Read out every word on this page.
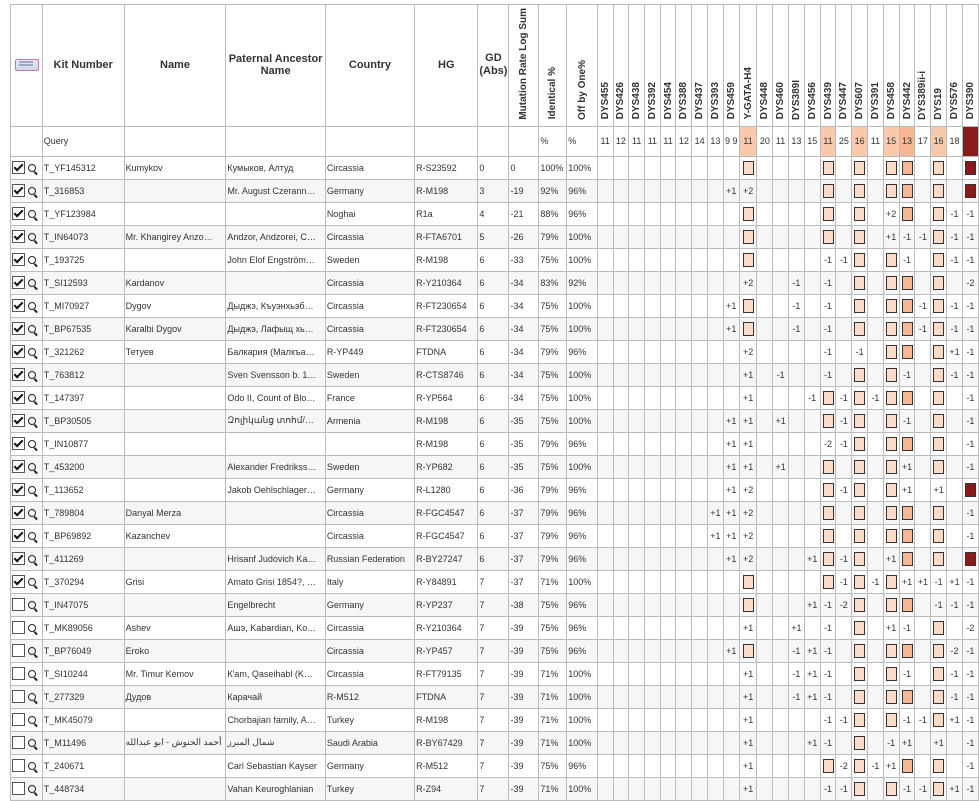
	Kit Number	Name	Paternal Ancestor Name	Country	HG	GD (Abs)	Mutation Rate Log Sum	Identical %	Off by One%	DYS455	DYS426	DYS438	DYS392	DYS454	DYS388	DYS437	DYS393	DYS459	Y-GATA-H4	DYS448	DYS460	DYS389I	DYS456	DYS439	DYS447	DYS607	DYS391	DYS458	DYS442	DYS389ii-i	DYS19	DYS576	DYS390
	Query							%	%	11	12	11	11	11	12	14	13	9 9	11	20	11	13	15	11	25	16	11	15	13	17	16	18	
	T_YF145312	Kumykov	Кумыков, Алтуд	Circassia	R-S23592	0	0	100%	100%																								
	T_316853		Mr. August Czerann…	Germany	R-M198	3	-19	92%	96%									+1	+2														
	T_YF123984			Noghai	R1a	4	-21	88%	96%																			+2				-1	-1
	T_IN64073	Mr. Khangirey Anzo…	Andzor, Andzorei, C…	Circassia	R-FTA6701	5	-26	79%	100%																			+1	-1	-1		-1	-1
	T_193725		John Elof Engström…	Sweden	R-M198	6	-33	75%	100%															-1	-1				-1			-1	-1
	T_SI12593	Kardanov		Circassia	R-Y210364	6	-34	83%	92%										+2			-1		-1									-2
	T_MI70927	Dygov	Дыджэ, Къуэнхьэб…	Circassia	R-FT230654	6	-34	75%	100%									+1				-1		-1						-1		-1	-1
	T_BP67535	Karalbi Dygov	Дыджэ, Лафыщ хь…	Circassia	R-FT230654	6	-34	75%	100%									+1				-1		-1						-1		-1	-1
	T_321262	Тетуев	Балкария (Малкъа…	R-YP449	FTDNA	6	-34	79%	96%										+2					-1		-1						+1	-1
	T_763812		Sven Svensson b. 1…	Sweden	R-CTS8746	6	-34	75%	100%										+1		-1			-1					-1			-1	-1
	T_147397		Odo II, Count of Blo…	France	R-YP564	6	-34	75%	100%										+1				-1		-1		-1						-1
	T_BP30505		Զոլիկանց տոհմ/…	Armenia	R-M198	6	-35	75%	100%									+1	+1		+1				-1				-1				-1
	T_IN10877				R-M198	6	-35	79%	96%									+1	+1					-2	-1								-1
	T_453200		Alexander Fredrikss…	Sweden	R-YP682	6	-35	75%	100%									+1	+1		+1								+1				-1
	T_113652		Jakob Oehlschlager…	Germany	R-L1280	6	-36	79%	96%									+1	+2						-1				+1		+1		
	T_789804	Danyal Merza		Circassia	R-FGC4547	6	-37	79%	96%								+1	+1	+2														-1
	T_BP69892	Kazanchev		Circassia	R-FGC4547	6	-37	79%	96%								+1	+1	+2														-1
	T_411269		Hrisanf Judovich Ka…	Russian Federation	R-BY27247	6	-37	79%	96%									+1	+2				+1		-1			+1					
	T_370294	Grisi	Amato Grisi 1854?, …	Italy	R-Y84891	7	-37	71%	100%																-1		-1		+1	+1	-1	+1	-1
	T_IN47075		Engelbrecht	Germany	R-YP237	7	-38	75%	96%														+1	-1	-2						-1	-1	-1
	T_MK89056	Ashev	Ашэ, Kabardian, Ko…	Circassia	R-Y210364	7	-39	75%	96%										+1			+1		-1				+1	-1				-2
	T_BP76049	Eroko		Circassia	R-YP457	7	-39	75%	96%									+1				-1	+1	-1								-2	-1
	T_SI10244	Mr. Timur Kemov	К'am, Qaseihabl (K…	Circassia	R-FT79135	7	-39	71%	100%										+1			-1	+1	-1					-1			-1	-1
	T_277329	Дудов	Карачай	R-M512	FTDNA	7	-39	71%	100%										+1			-1	+1	-1								-1	-1
	T_MK45079		Chorbajian family, A…	Turkey	R-M198	7	-39	71%	100%										+1					-1	-1				-1	-1		+1	-1
	T_M11496	أحمد الحنوش - ابو عبدالله	شمال المبرز	Saudi Arabia	R-BY67429	7	-39	71%	100%										+1				+1	-1				-1	+1		+1		-1
	T_240671		Carl Sebastian Kayser	Germany	R-M512	7	-39	75%	96%										+1						-2		-1	+1					-1
	T_448734		Vahan Keuroghlanian	Turkey	R-Z94	7	-39	71%	100%										+1					-1	-1				-1	-1		+1	-1
